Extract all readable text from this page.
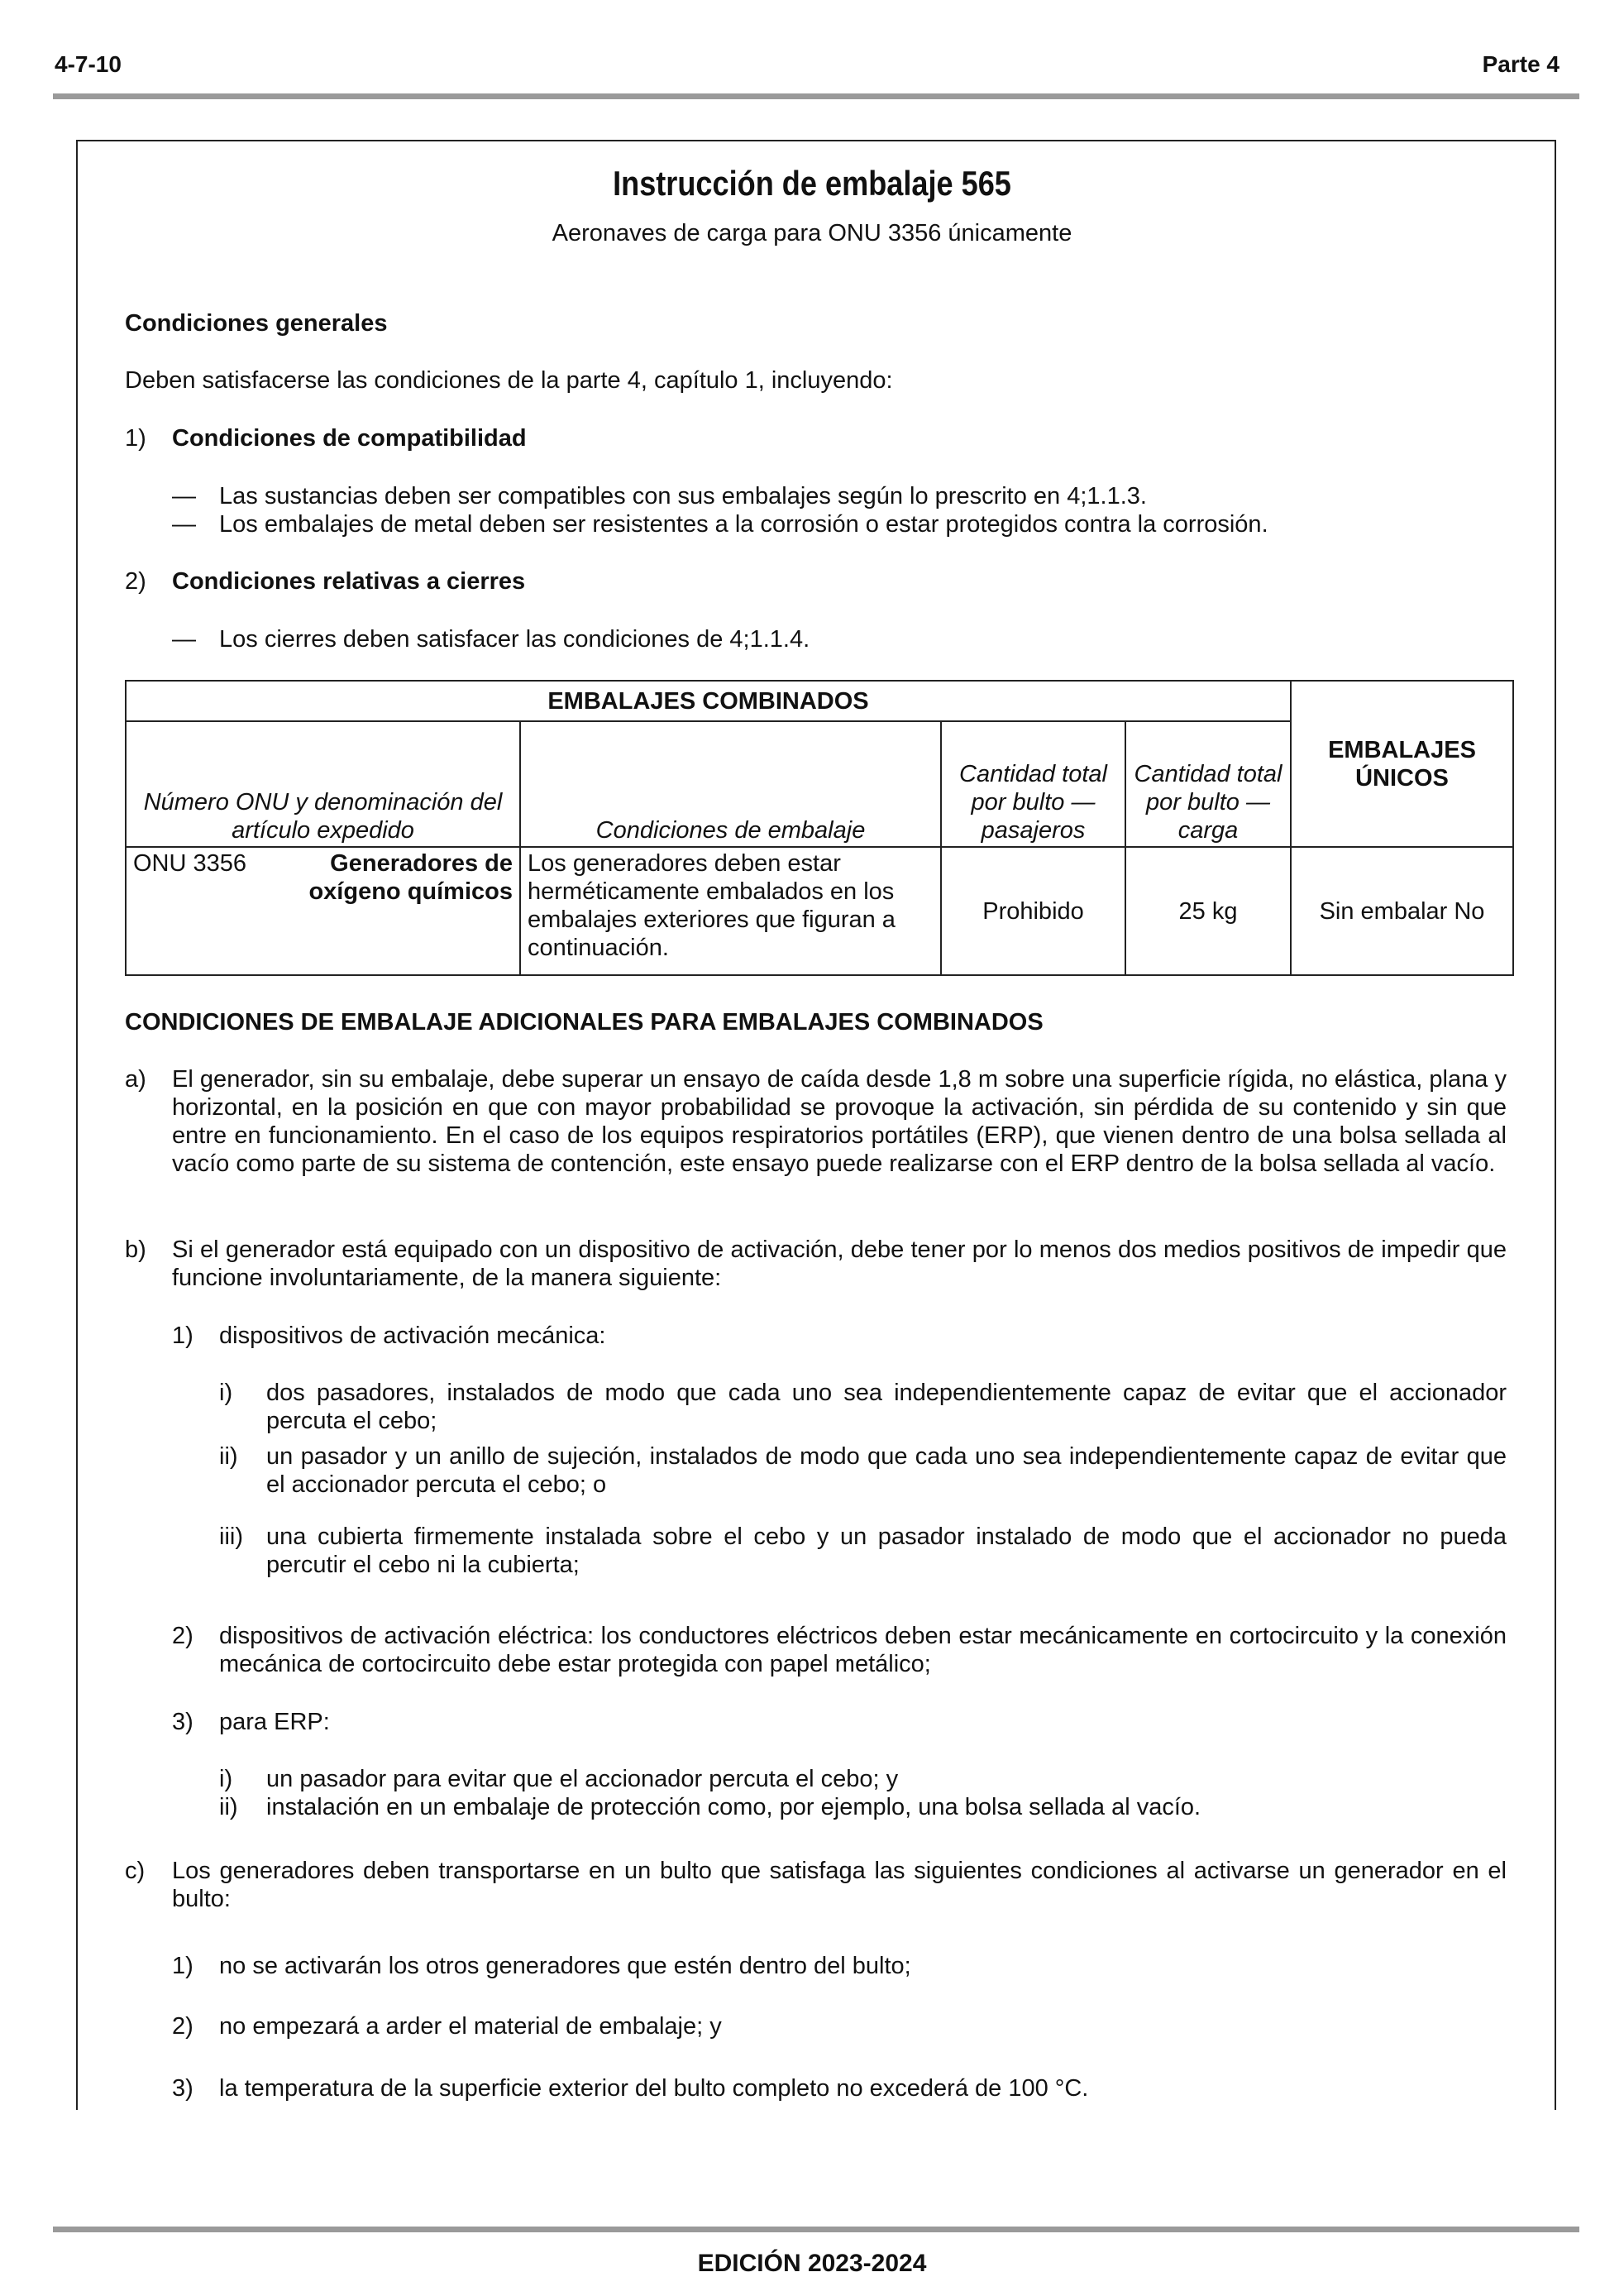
4-7-10	Parte 4
Instrucción de embalaje 565
Aeronaves de carga para ONU 3356 únicamente
Condiciones generales
Deben satisfacerse las condiciones de la parte 4, capítulo 1, incluyendo:
1) Condiciones de compatibilidad
— Las sustancias deben ser compatibles con sus embalajes según lo prescrito en 4;1.1.3.
— Los embalajes de metal deben ser resistentes a la corrosión o estar protegidos contra la corrosión.
2) Condiciones relativas a cierres
— Los cierres deben satisfacer las condiciones de 4;1.1.4.
EMBALAJES COMBINADOS				EMBALAJES ÚNICOS
Número ONU y denominación del artículo expedido	Condiciones de embalaje	Cantidad total por bulto — pasajeros	Cantidad total por bulto — carga	

ONU 3356 Generadores de oxígeno químicos	Los generadores deben estar herméticamente embalados en los embalajes exteriores que figuran a continuación.	Prohibido	25 kg	Sin embalar No
CONDICIONES DE EMBALAJE ADICIONALES PARA EMBALAJES COMBINADOS
a) El generador, sin su embalaje, debe superar un ensayo de caída desde 1,8 m sobre una superficie rígida, no elástica, plana y horizontal, en la posición en que con mayor probabilidad se provoque la activación, sin pérdida de su contenido y sin que entre en funcionamiento. En el caso de los equipos respiratorios portátiles (ERP), que vienen dentro de una bolsa sellada al vacío como parte de su sistema de contención, este ensayo puede realizarse con el ERP dentro de la bolsa sellada al vacío.
b) Si el generador está equipado con un dispositivo de activación, debe tener por lo menos dos medios positivos de impedir que funcione involuntariamente, de la manera siguiente:
1) dispositivos de activación mecánica:
i) dos pasadores, instalados de modo que cada uno sea independientemente capaz de evitar que el accionador percuta el cebo;
ii) un pasador y un anillo de sujeción, instalados de modo que cada uno sea independientemente capaz de evitar que el accionador percuta el cebo; o
iii) una cubierta firmemente instalada sobre el cebo y un pasador instalado de modo que el accionador no pueda percutir el cebo ni la cubierta;
2) dispositivos de activación eléctrica: los conductores eléctricos deben estar mecánicamente en cortocircuito y la conexión mecánica de cortocircuito debe estar protegida con papel metálico;
3) para ERP:
i) un pasador para evitar que el accionador percuta el cebo; y
ii) instalación en un embalaje de protección como, por ejemplo, una bolsa sellada al vacío.
c) Los generadores deben transportarse en un bulto que satisfaga las siguientes condiciones al activarse un generador en el bulto:
1) no se activarán los otros generadores que estén dentro del bulto;
2) no empezará a arder el material de embalaje; y
3) la temperatura de la superficie exterior del bulto completo no excederá de 100 °C.
EDICIÓN 2023-2024
